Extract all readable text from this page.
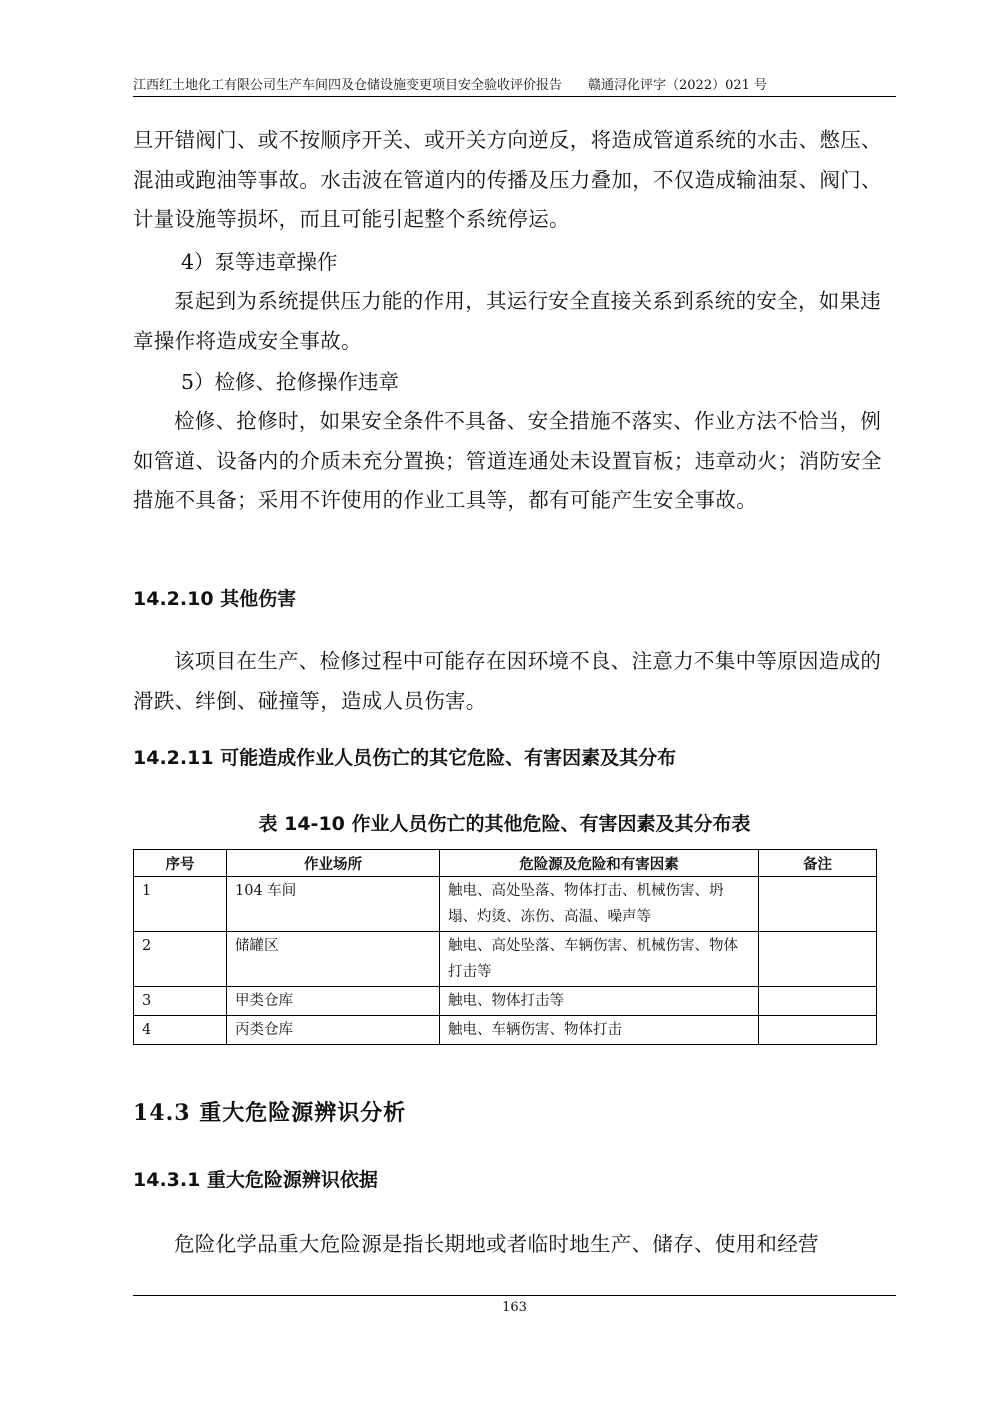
江西红土地化工有限公司生产车间四及仓储设施变更项目安全验收评价报告 赣通浔化评字（2022）021 号

旦开错阀门、或不按顺序开关、或开关方向逆反，将造成管道系统的水击、憋压、混油或跑油等事故。水击波在管道内的传播及压力叠加，不仅造成输油泵、阀门、计量设施等损坏，而且可能引起整个系统停运。

4）泵等违章操作

泵起到为系统提供压力能的作用，其运行安全直接关系到系统的安全，如果违章操作将造成安全事故。

5）检修、抢修操作违章

检修、抢修时，如果安全条件不具备、安全措施不落实、作业方法不恰当，例如管道、设备内的介质未充分置换；管道连通处未设置盲板；违章动火；消防安全措施不具备；采用不许使用的作业工具等，都有可能产生安全事故。

14.2.10 其他伤害

该项目在生产、检修过程中可能存在因环境不良、注意力不集中等原因造成的滑跌、绊倒、碰撞等，造成人员伤害。

14.2.11 可能造成作业人员伤亡的其它危险、有害因素及其分布

表 14-10 作业人员伤亡的其他危险、有害因素及其分布表

序号	作业场所	危险源及危险和有害因素	备注
1	104 车间	触电、高处坠落、物体打击、机械伤害、坍塌、灼烫、冻伤、高温、噪声等	
2	储罐区	触电、高处坠落、车辆伤害、机械伤害、物体打击等	
3	甲类仓库	触电、物体打击等	
4	丙类仓库	触电、车辆伤害、物体打击	
14.3 重大危险源辨识分析
14.3.1 重大危险源辨识依据

危险化学品重大危险源是指长期地或者临时地生产、储存、使用和经营

163
